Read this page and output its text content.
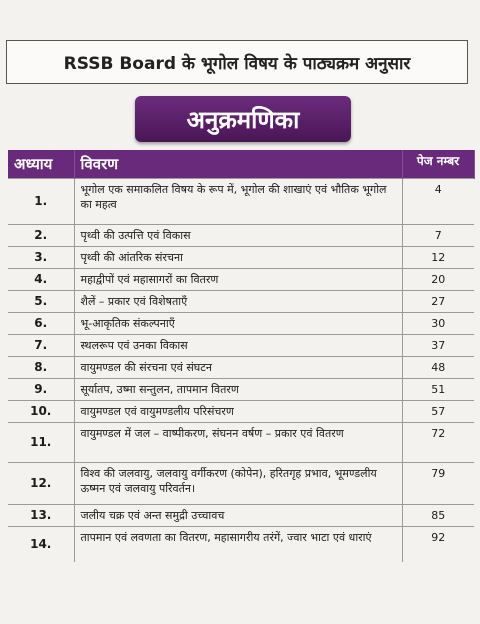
RSSB Board के भूगोल विषय के पाठ्यक्रम अनुसार
अनुक्रमणिका
अध्याय	विवरण	पेज नम्बर
1.	भूगोल एक समाकलित विषय के रूप में, भूगोल की शाखाएं एवं भौतिक भूगोल का महत्व	4
2.	पृथ्वी की उत्पत्ति एवं विकास	7
3.	पृथ्वी की आंतरिक संरचना	12
4.	महाद्वीपों एवं महासागरों का वितरण	20
5.	शैलें – प्रकार एवं विशेषताएँ	27
6.	भू-आकृतिक संकल्पनाएँ	30
7.	स्थलरूप एवं उनका विकास	37
8.	वायुमण्डल की संरचना एवं संघटन	48
9.	सूर्यातप, उष्मा सन्तुलन, तापमान वितरण	51
10.	वायुमण्डल एवं वायुमण्डलीय परिसंचरण	57
11.	वायुमण्डल में जल – वाष्पीकरण, संघनन वर्षण – प्रकार एवं वितरण	72
12.	विश्व की जलवायु, जलवायु वर्गीकरण (कोपेन), हरितगृह प्रभाव, भूमण्डलीय ऊष्मन एवं जलवायु परिवर्तन।	79
13.	जलीय चक्र एवं अन्त समुद्री उच्चावच	85
14.	तापमान एवं लवणता का वितरण, महासागरीय तरंगें, ज्वार भाटा एवं धाराएं	92
